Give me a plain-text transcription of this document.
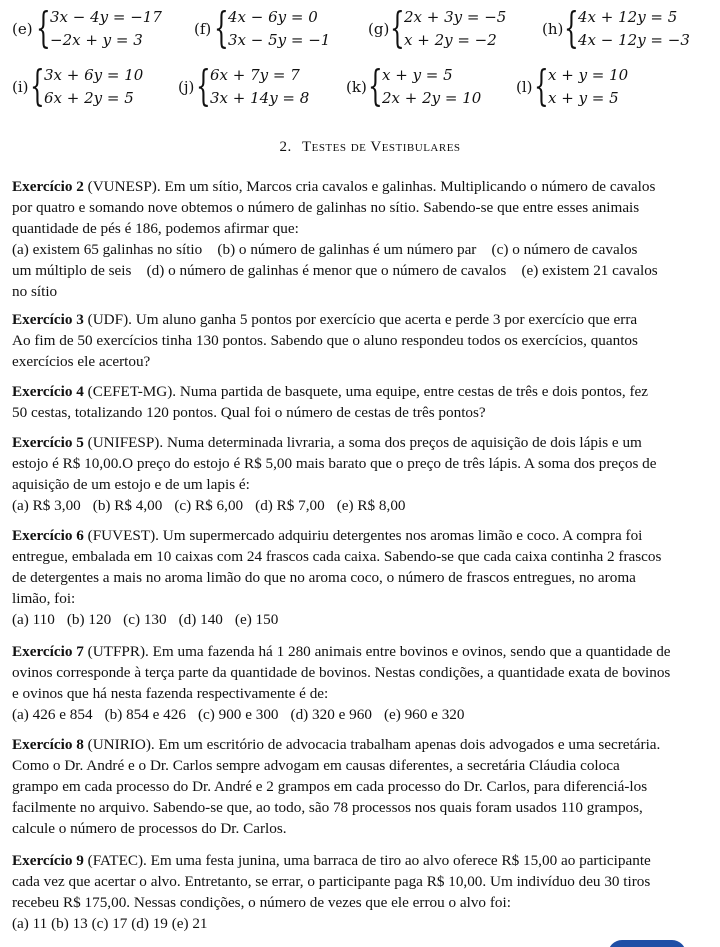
(e) { 3x − 4y = −17
−2x + y = 3
(f) { 4x − 6y = 0
3x − 5y = −1
(g) { 2x + 3y = −5
x + 2y = −2
(h) { 4x + 12y = 5
4x − 12y = −3
(i) { 3x + 6y = 10
6x + 2y = 5
(j) { 6x + 7y = 7
3x + 14y = 8
(k) { x + y = 5
2x + 2y = 10
(l) { x + y = 10
x + y = 5
2. Testes de Vestibulares

Exercício 2 (VUNESP). Em um sítio, Marcos cria cavalos e galinhas. Multiplicando o número de cavalos

por quatro e somando nove obtemos o número de galinhas no sítio. Sabendo-se que entre esses animais

quantidade de pés é 186, podemos afirmar que:

(a) existem 65 galinhas no sítio    (b) o número de galinhas é um número par    (c) o número de cavalos

um múltiplo de seis    (d) o número de galinhas é menor que o número de cavalos    (e) existem 21 cavalos

no sítio

Exercício 3 (UDF). Um aluno ganha 5 pontos por exercício que acerta e perde 3 por exercício que erra

Ao fim de 50 exercícios tinha 130 pontos. Sabendo que o aluno respondeu todos os exercícios, quantos

exercícios ele acertou?

Exercício 4 (CEFET-MG). Numa partida de basquete, uma equipe, entre cestas de três e dois pontos, fez

50 cestas, totalizando 120 pontos. Qual foi o número de cestas de três pontos?

Exercício 5 (UNIFESP). Numa determinada livraria, a soma dos preços de aquisição de dois lápis e um

estojo é R$ 10,00.O preço do estojo é R$ 5,00 mais barato que o preço de três lápis. A soma dos preços de

aquisição de um estojo e de um lapis é:

(a) R$ 3,00 (b) R$ 4,00 (c) R$ 6,00 (d) R$ 7,00 (e) R$ 8,00

Exercício 6 (FUVEST). Um supermercado adquiriu detergentes nos aromas limão e coco. A compra foi

entregue, embalada em 10 caixas com 24 frascos cada caixa. Sabendo-se que cada caixa continha 2 frascos

de detergentes a mais no aroma limão do que no aroma coco, o número de frascos entregues, no aroma

limão, foi:

(a) 110 (b) 120 (c) 130 (d) 140 (e) 150

Exercício 7 (UTFPR). Em uma fazenda há 1 280 animais entre bovinos e ovinos, sendo que a quantidade de

ovinos corresponde à terça parte da quantidade de bovinos. Nestas condições, a quantidade exata de bovinos

e ovinos que há nesta fazenda respectivamente é de:

(a) 426 e 854 (b) 854 e 426 (c) 900 e 300 (d) 320 e 960 (e) 960 e 320

Exercício 8 (UNIRIO). Em um escritório de advocacia trabalham apenas dois advogados e uma secretária.

Como o Dr. André e o Dr. Carlos sempre advogam em causas diferentes, a secretária Cláudia coloca

grampo em cada processo do Dr. André e 2 grampos em cada processo do Dr. Carlos, para diferenciá-los

facilmente no arquivo. Sabendo-se que, ao todo, são 78 processos nos quais foram usados 110 grampos,

calcule o número de processos do Dr. Carlos.

Exercício 9 (FATEC). Em uma festa junina, uma barraca de tiro ao alvo oferece R$ 15,00 ao participante

cada vez que acertar o alvo. Entretanto, se errar, o participante paga R$ 10,00. Um indivíduo deu 30 tiros

recebeu R$ 175,00. Nessas condições, o número de vezes que ele errou o alvo foi:

(a) 11 (b) 13 (c) 17 (d) 19 (e) 21
